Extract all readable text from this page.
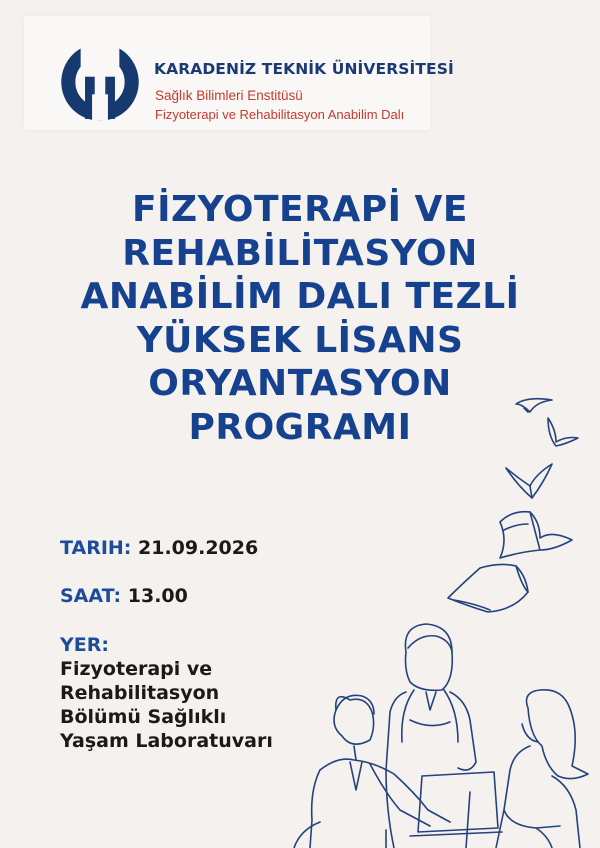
KARADENİZ TEKNİK ÜNİVERSİTESİ
Sağlık Bilimleri Enstitüsü
Fizyoterapi ve Rehabilitasyon Anabilim Dalı
FİZYOTERAPİ VE
REHABİLİTASYON
ANABİLİM DALI TEZLİ
YÜKSEK LİSANS
ORYANTASYON
PROGRAMI
TARIH: 21.09.2026
SAAT: 13.00
YER:
Fizyoterapi ve
Rehabilitasyon
Bölümü Sağlıklı
Yaşam Laboratuvarı
